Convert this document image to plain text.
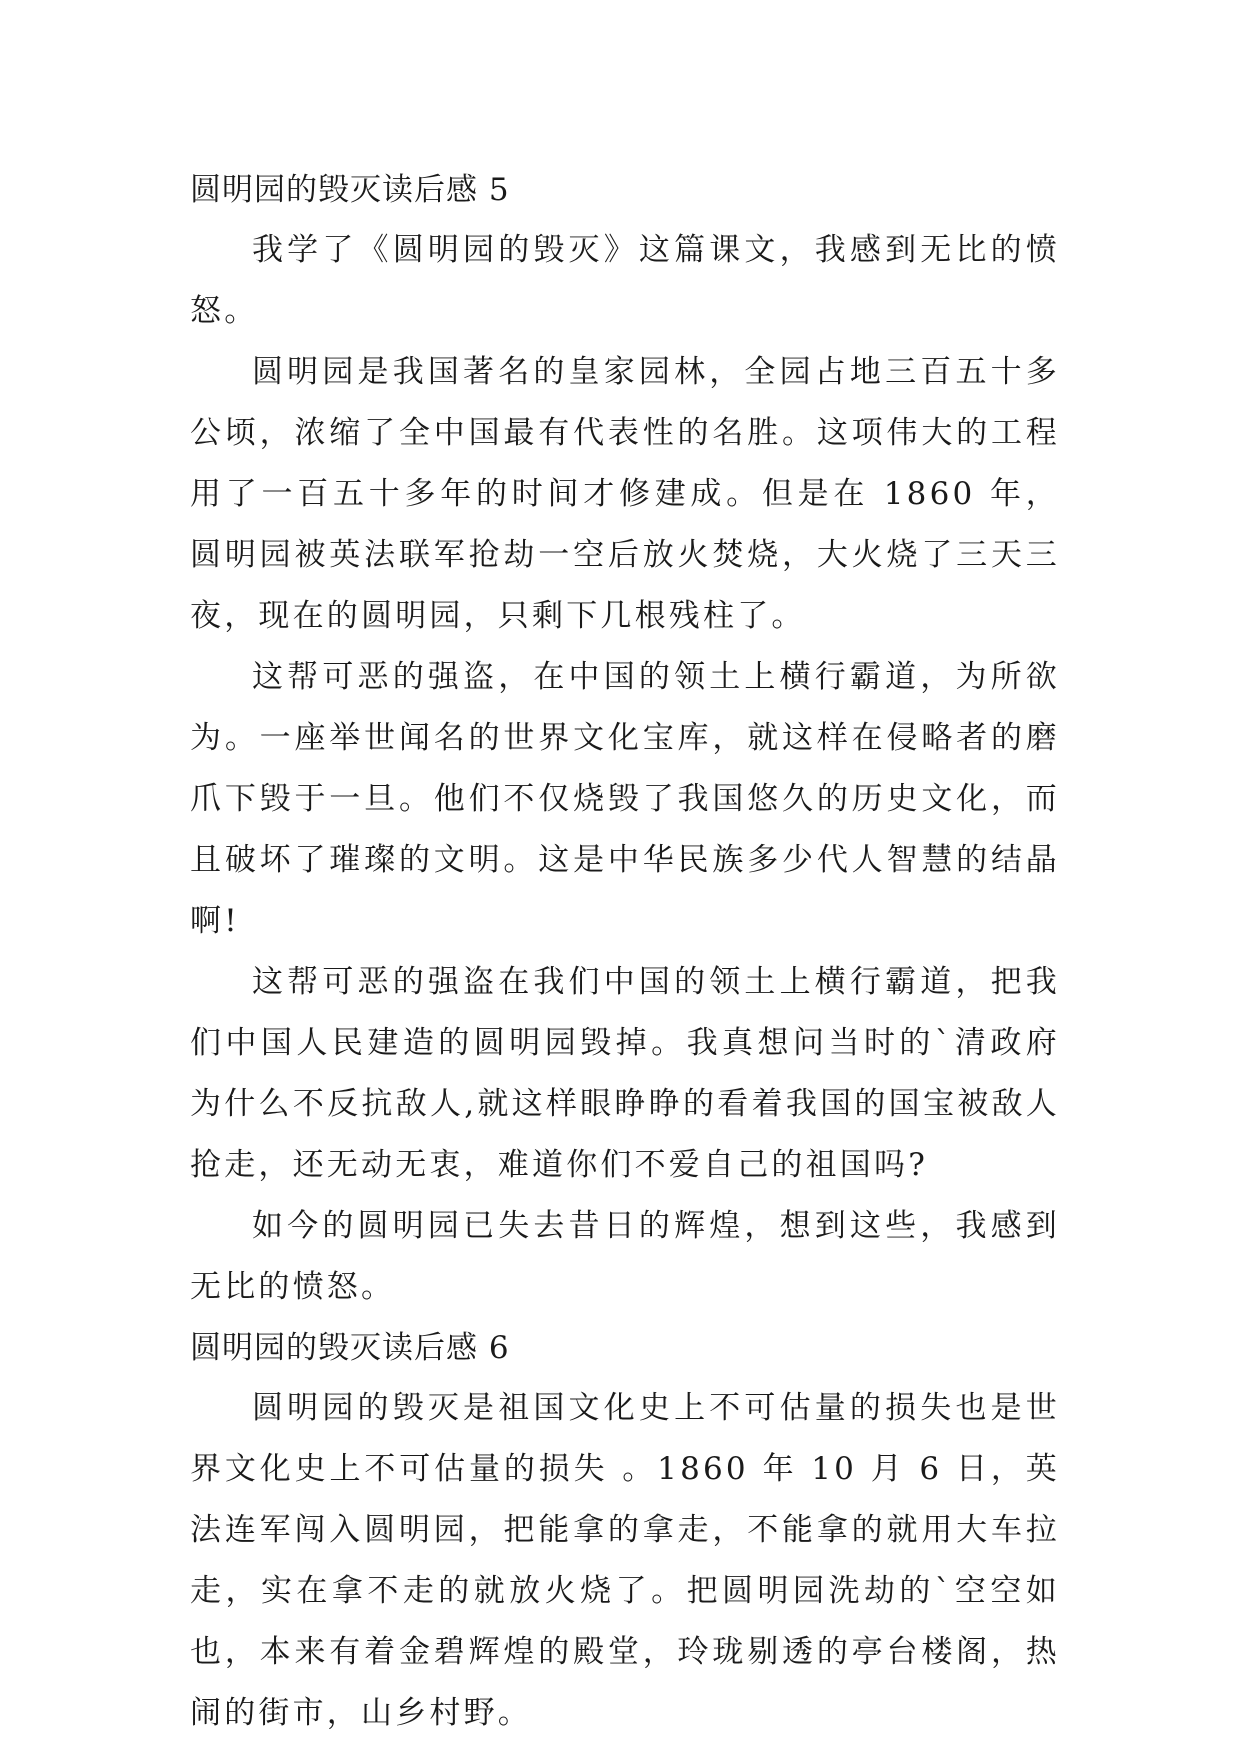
圆明园的毁灭读后感 5

我学了《圆明园的毁灭》这篇课文，我感到无比的愤怒。

圆明园是我国著名的皇家园林，全园占地三百五十多公顷，浓缩了全中国最有代表性的名胜。这项伟大的工程用了一百五十多年的时间才修建成。但是在 1860 年，圆明园被英法联军抢劫一空后放火焚烧，大火烧了三天三夜，现在的圆明园，只剩下几根残柱了。

这帮可恶的强盗，在中国的领土上横行霸道，为所欲为。一座举世闻名的世界文化宝库，就这样在侵略者的磨爪下毁于一旦。他们不仅烧毁了我国悠久的历史文化，而且破坏了璀璨的文明。这是中华民族多少代人智慧的结晶啊!

这帮可恶的强盗在我们中国的领土上横行霸道，把我们中国人民建造的圆明园毁掉。我真想问当时的`清政府为什么不反抗敌人,就这样眼睁睁的看着我国的国宝被敌人抢走，还无动无衷，难道你们不爱自己的祖国吗?

如今的圆明园已失去昔日的辉煌，想到这些，我感到无比的愤怒。

圆明园的毁灭读后感 6

圆明园的毁灭是祖国文化史上不可估量的损失也是世界文化史上不可估量的损失 。1860 年 10 月 6 日，英法连军闯入圆明园，把能拿的拿走，不能拿的就用大车拉走，实在拿不走的就放火烧了。把圆明园洗劫的`空空如也，本来有着金碧辉煌的殿堂，玲珑剔透的亭台楼阁，热闹的街市，山乡村野。
